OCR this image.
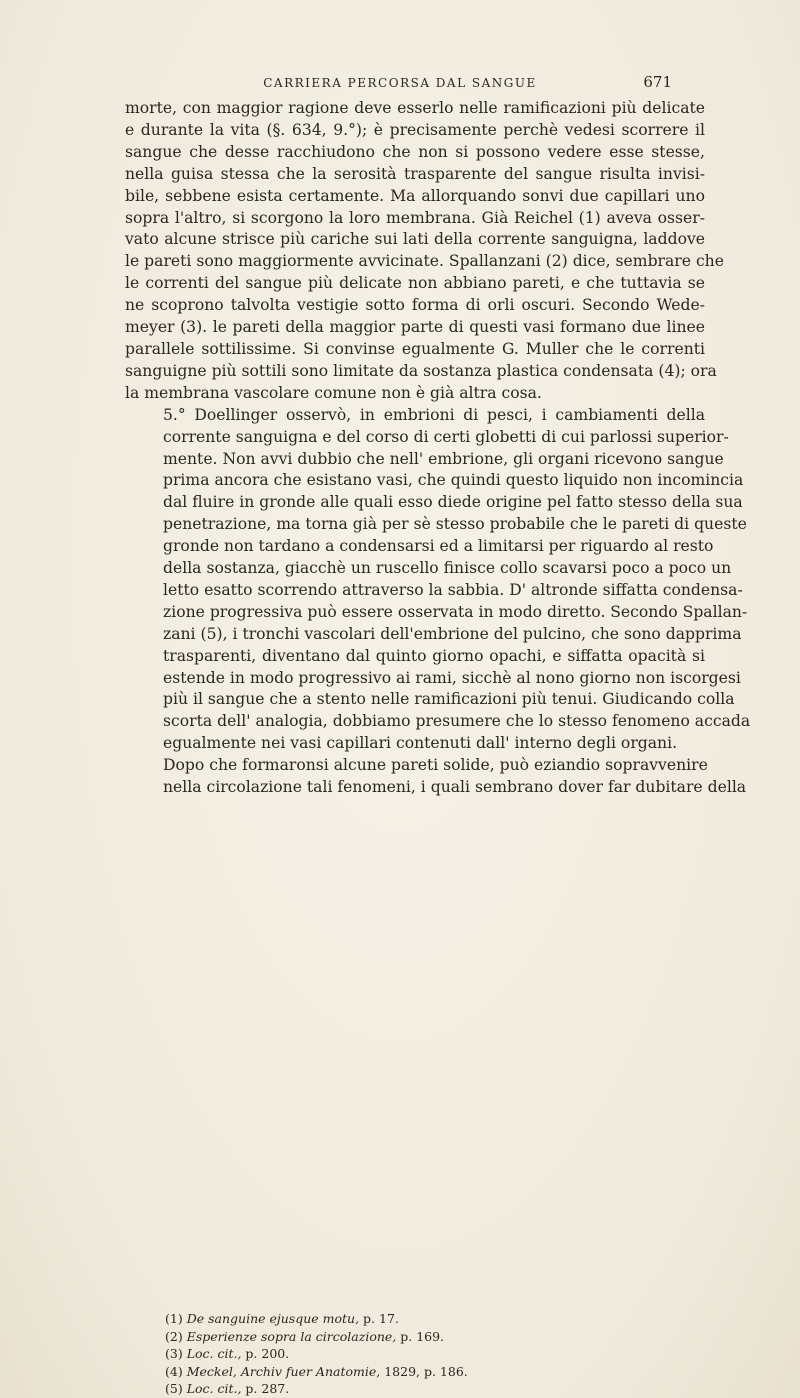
CARRIERA PERCORSA DAL SANGUE	671

morte, con maggior ragione deve esserlo nelle ramificazioni più delicate
e durante la vita (§. 634, 9.°); è precisamente perchè vedesi scorrere il
sangue che desse racchiudono che non si possono vedere esse stesse,
nella guisa stessa che la serosità trasparente del sangue risulta invisi-
bile, sebbene esista certamente. Ma allorquando sonvi due capillari uno
sopra l'altro, si scorgono la loro membrana. Già Reichel (1) aveva osser-
vato alcune strisce più cariche sui lati della corrente sanguigna, laddove
le pareti sono maggiormente avvicinate. Spallanzani (2) dice, sembrare che
le correnti del sangue più delicate non abbiano pareti, e che tuttavia se
ne scoprono talvolta vestigie sotto forma di orli oscuri. Secondo Wede-
meyer (3). le pareti della maggior parte di questi vasi formano due linee
parallele sottilissime. Si convinse egualmente G. Muller che le correnti
sanguigne più sottili sono limitate da sostanza plastica condensata (4); ora
la membrana vascolare comune non è già altra cosa.

5.° Doellinger osservò, in embrioni di pesci, i cambiamenti della
corrente sanguigna e del corso di certi globetti di cui parlossi superior-
mente. Non avvi dubbio che nell' embrione, gli organi ricevono sangue
prima ancora che esistano vasi, che quindi questo liquido non incomincia
dal fluire in gronde alle quali esso diede origine pel fatto stesso della sua
penetrazione, ma torna già per sè stesso probabile che le pareti di queste
gronde non tardano a condensarsi ed a limitarsi per riguardo al resto
della sostanza, giacchè un ruscello finisce collo scavarsi poco a poco un
letto esatto scorrendo attraverso la sabbia. D' altronde siffatta condensa-
zione progressiva può essere osservata in modo diretto. Secondo Spallan-
zani (5), i tronchi vascolari dell'embrione del pulcino, che sono dapprima
trasparenti, diventano dal quinto giorno opachi, e siffatta opacità si
estende in modo progressivo ai rami, sicchè al nono giorno non iscorgesi
più il sangue che a stento nelle ramificazioni più tenui. Giudicando colla
scorta dell' analogia, dobbiamo presumere che lo stesso fenomeno accada
egualmente nei vasi capillari contenuti dall' interno degli organi.

Dopo che formaronsi alcune pareti solide, può eziandio sopravvenire
nella circolazione tali fenomeni, i quali sembrano dover far dubitare della

(1) De sanguine ejusque motu, p. 17.
(2) Esperienze sopra la circolazione, p. 169.
(3) Loc. cit., p. 200.
(4) Meckel, Archiv fuer Anatomie, 1829, p. 186.
(5) Loc. cit., p. 287.
